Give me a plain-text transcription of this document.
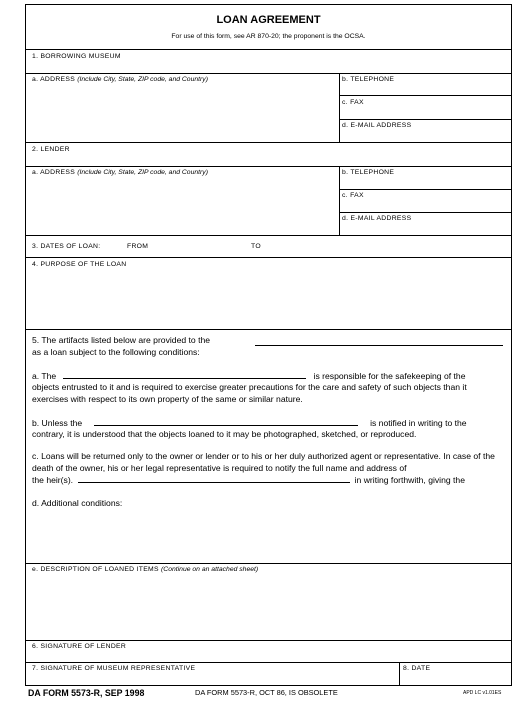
LOAN AGREEMENT
For use of this form, see AR 870-20; the proponent is the OCSA.
1. BORROWING MUSEUM
a. ADDRESS (Include City, State, ZIP code, and Country)	b. TELEPHONE
c. FAX
d. E-MAIL ADDRESS
2. LENDER
a. ADDRESS (Include City, State, ZIP code, and Country)	b. TELEPHONE
c. FAX
d. E-MAIL ADDRESS
3. DATES OF LOAN:	FROM	TO
4. PURPOSE OF THE LOAN
5. The artifacts listed below are provided to the
as a loan subject to the following conditions:
a. The	is responsible for the safekeeping of the
objects entrusted to it and is required to exercise greater precautions for the care and safety of such objects than it exercises with respect to its own property of the same or similar nature.
b. Unless the	is notified in writing to the
contrary, it is understood that the objects loaned to it may be photographed, sketched, or reproduced.
c. Loans will be returned only to the owner or lender or to his or her duly authorized agent or representative. In case of the death of the owner, his or her legal representative is required to notify the full name and address of
the heir(s).	in writing forthwith, giving the
d. Additional conditions:
e. DESCRIPTION OF LOANED ITEMS (Continue on an attached sheet)
6. SIGNATURE OF LENDER
7. SIGNATURE OF MUSEUM REPRESENTATIVE	8. DATE
DA FORM 5573-R, SEP 1998	DA FORM 5573-R, OCT 86, IS OBSOLETE	APD LC v1.01ES
